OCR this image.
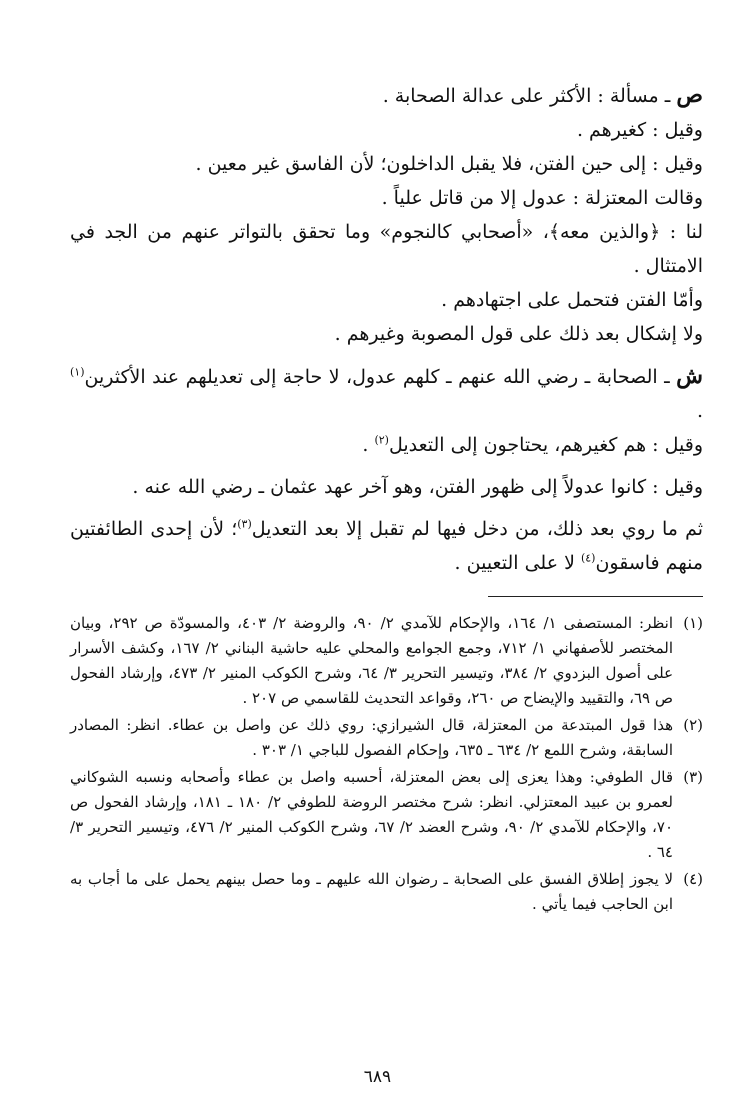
ص ـ مسألة : الأكثر على عدالة الصحابة .

وقيل : كغيرهم .

وقيل : إلى حين الفتن، فلا يقبل الداخلون؛ لأن الفاسق غير معين .

وقالت المعتزلة : عدول إلا من قاتل علياً .

لنا : ﴿والذين معه﴾، «أصحابي كالنجوم» وما تحقق بالتواتر عنهم من الجد في الامتثال .

وأمّا الفتن فتحمل على اجتهادهم .

ولا إشكال بعد ذلك على قول المصوبة وغيرهم .

ش ـ الصحابة ـ رضي الله عنهم ـ كلهم عدول، لا حاجة إلى تعديلهم عند الأكثرين$^{(١)}$ .

وقيل : هم كغيرهم، يحتاجون إلى التعديل$^{(٢)}$ .

وقيل : كانوا عدولاً إلى ظهور الفتن، وهو آخر عهد عثمان ـ رضي الله عنه .

ثم ما روي بعد ذلك، من دخل فيها لم تقبل إلا بعد التعديل$^{(٣)}$؛ لأن إحدى الطائفتين منهم فاسقون$^{(٤)}$ لا على التعيين .

(١)
انظر: المستصفى ١/ ١٦٤، والإحكام للآمدي ٢/ ٩٠، والروضة ٢/ ٤٠٣، والمسودّة ص ٢٩٢، وبيان المختصر للأصفهاني ١/ ٧١٢، وجمع الجوامع والمحلي عليه حاشية البناني ٢/ ١٦٧، وكشف الأسرار على أصول البزدوي ٢/ ٣٨٤، وتيسير التحرير ٣/ ٦٤، وشرح الكوكب المنير ٢/ ٤٧٣، وإرشاد الفحول ص ٦٩، والتقييد والإيضاح ص ٢٦٠، وقواعد التحديث للقاسمي ص ٢٠٧ .
(٢)
هذا قول المبتدعة من المعتزلة، قال الشيرازي: روي ذلك عن واصل بن عطاء. انظر: المصادر السابقة، وشرح اللمع ٢/ ٦٣٤ ـ ٦٣٥، وإحكام الفصول للباجي ١/ ٣٠٣ .
(٣)
قال الطوفي: وهذا يعزى إلى بعض المعتزلة، أحسبه واصل بن عطاء وأصحابه ونسبه الشوكاني لعمرو بن عبيد المعتزلي. انظر: شرح مختصر الروضة للطوفي ٢/ ١٨٠ ـ ١٨١، وإرشاد الفحول ص ٧٠، والإحكام للآمدي ٢/ ٩٠، وشرح العضد ٢/ ٦٧، وشرح الكوكب المنير ٢/ ٤٧٦، وتيسير التحرير ٣/ ٦٤ .
(٤)
لا يجوز إطلاق الفسق على الصحابة ـ رضوان الله عليهم ـ وما حصل بينهم يحمل على ما أجاب به ابن الحاجب فيما يأتي .
٦٨٩
